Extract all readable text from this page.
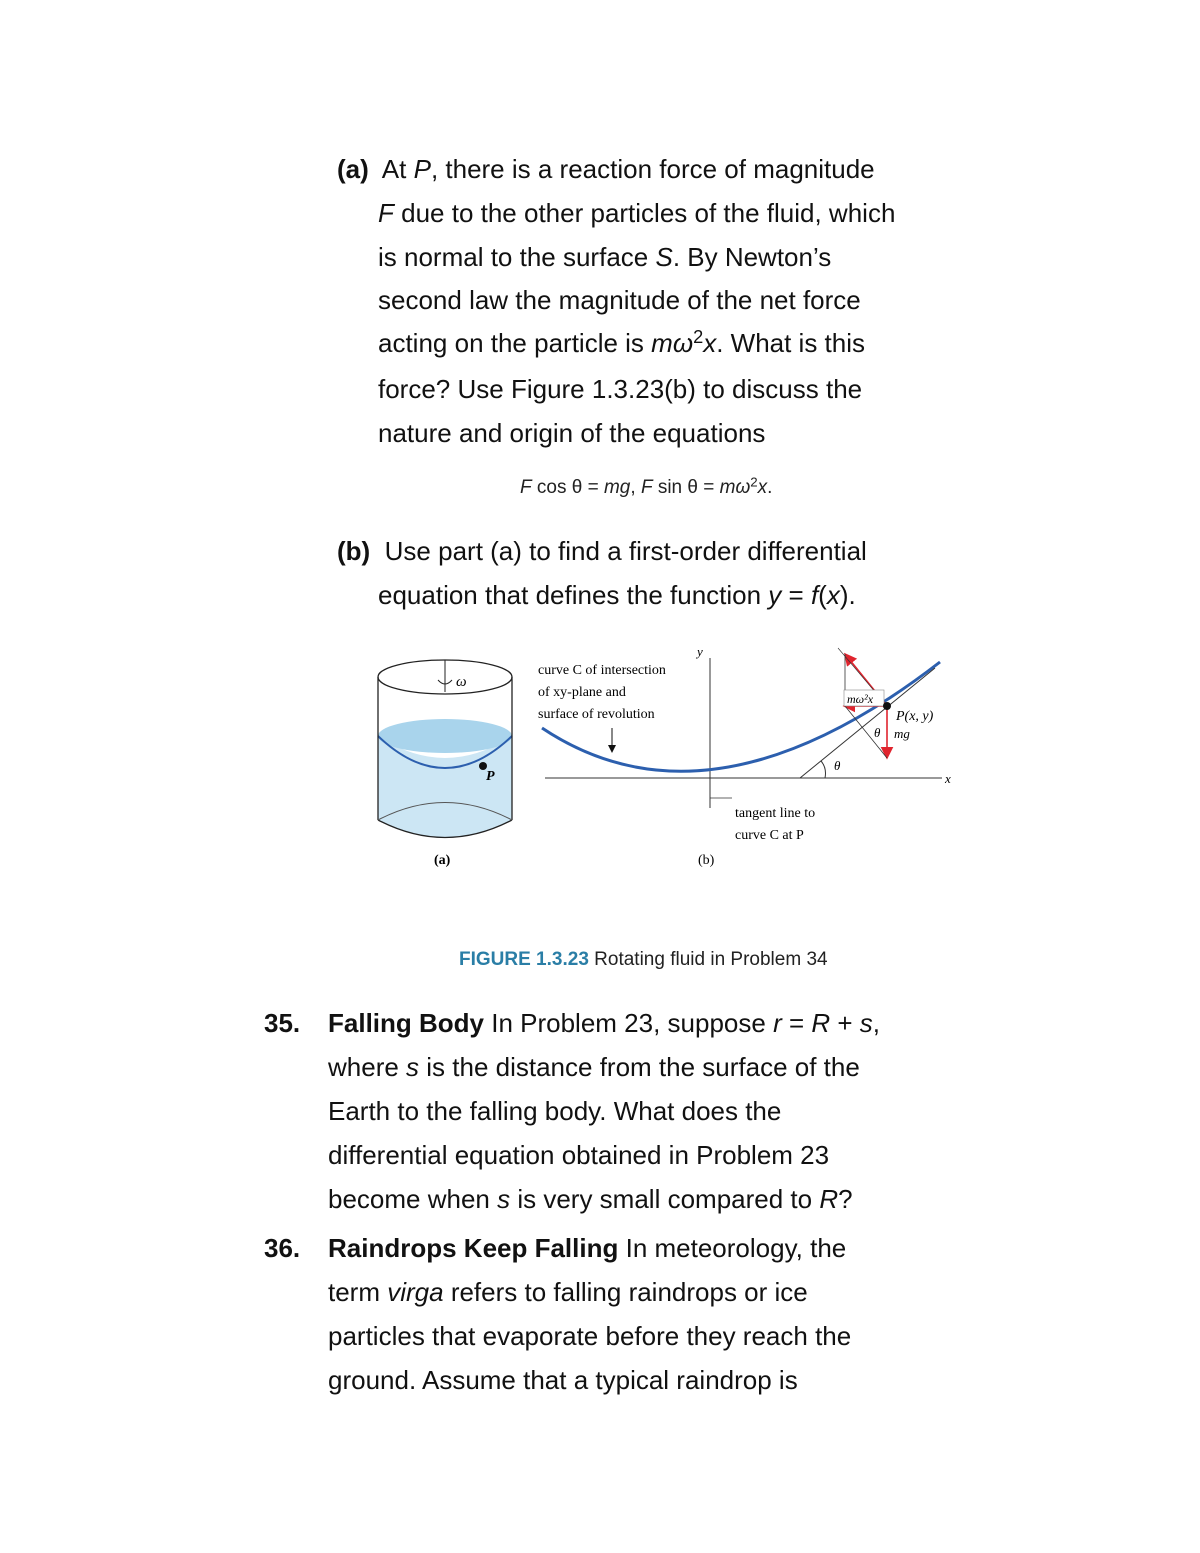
(a) At P, there is a reaction force of magnitude
F due to the other particles of the fluid, which
is normal to the surface S. By Newton’s
second law the magnitude of the net force
acting on the particle is $m\omega^2x$. What is this
force? Use Figure 1.3.23(b) to discuss the
nature and origin of the equations
F cos θ = mg, F $\sin \theta = m\omega^2x$.
(b) Use part (a) to find a first-order differential
equation that defines the function y = f(x).
ω
P
(a)
x
y
θ
curve C of intersection
of xy-plane and
surface of revolution
tangent line to
curve C at P
mω²x
P(x, y)
θ mg
(b)
FIGURE 1.3.23 Rotating fluid in Problem 34
35. Falling Body In Problem 23, suppose r = R + s,
where s is the distance from the surface of the
Earth to the falling body. What does the
differential equation obtained in Problem 23
become when s is very small compared to R?
36. Raindrops Keep Falling In meteorology, the
term virga refers to falling raindrops or ice
particles that evaporate before they reach the
ground. Assume that a typical raindrop is
